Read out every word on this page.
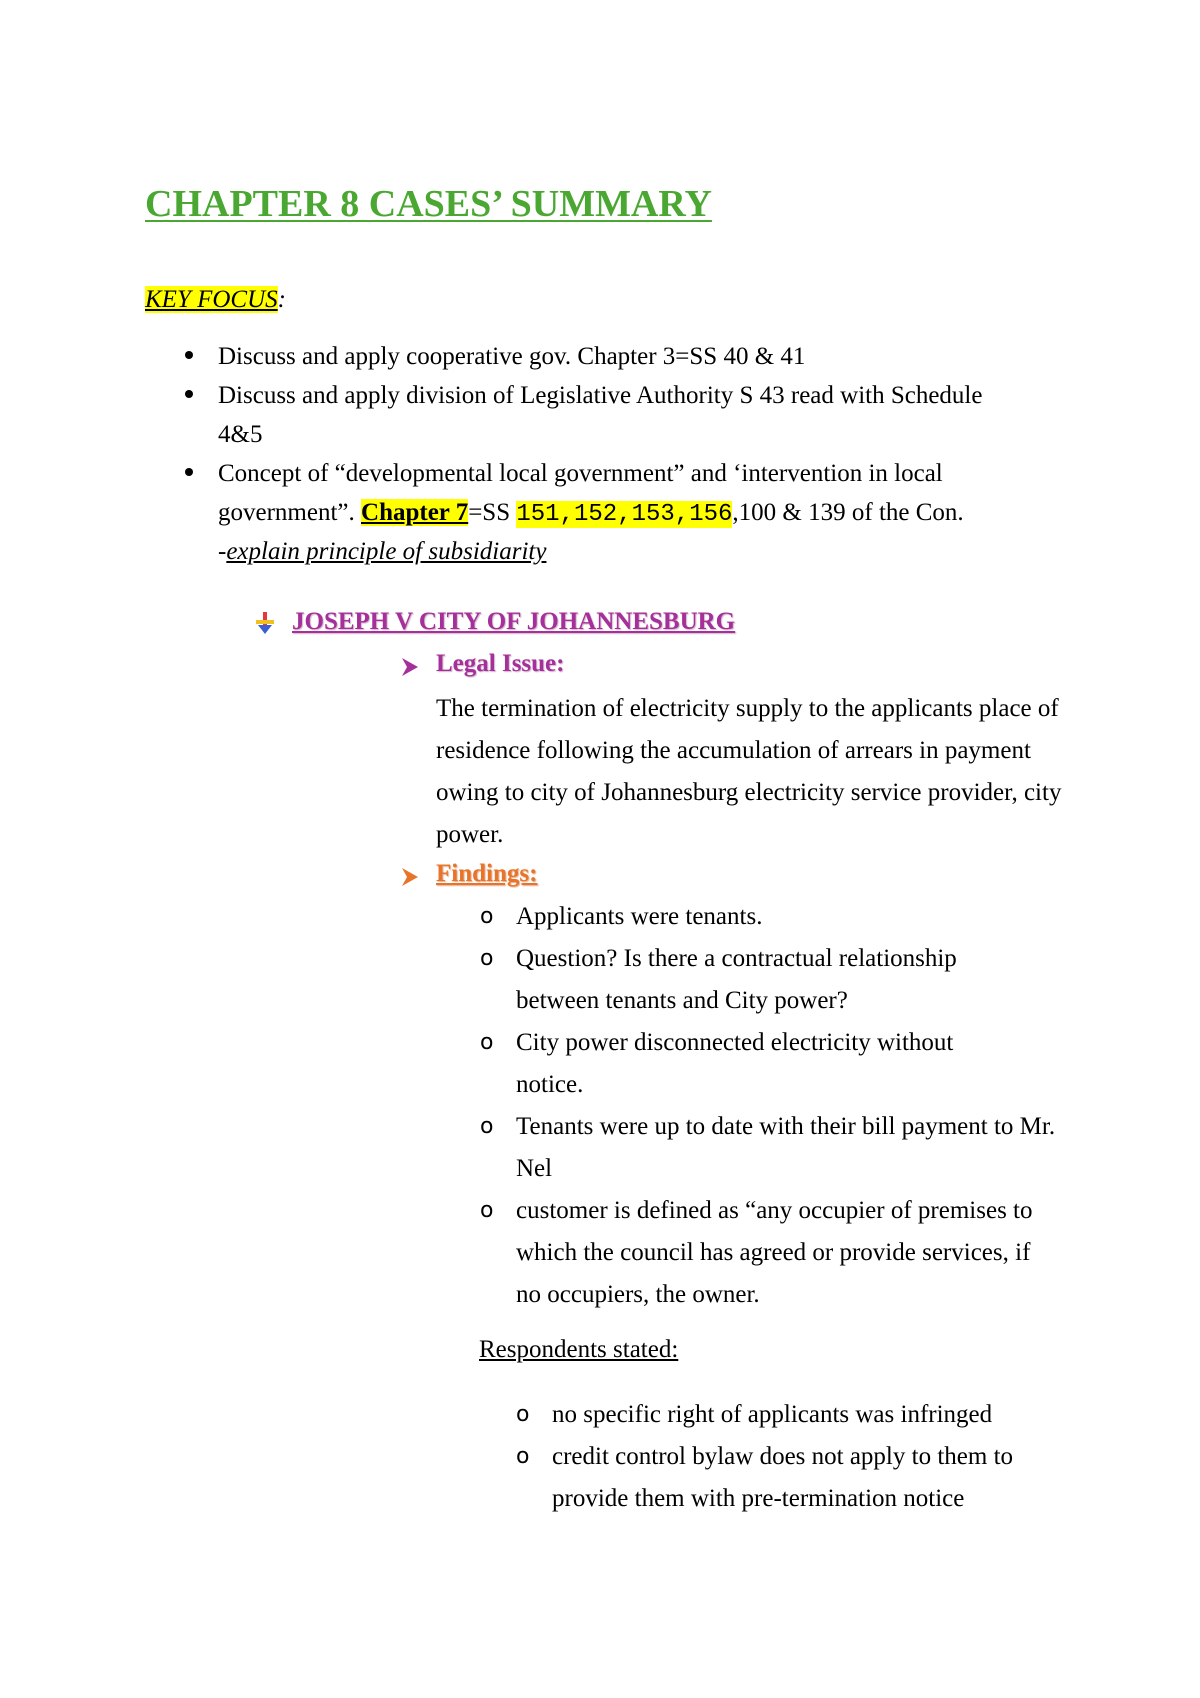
CHAPTER 8 CASES’ SUMMARY
KEY FOCUS:
Discuss and apply cooperative gov. Chapter 3=SS 40 & 41
Discuss and apply division of Legislative Authority S 43 read with Schedule 4&5
Concept of “developmental local government” and ‘intervention in local government”. Chapter 7=SS 151,152,153,156,100 & 139 of the Con.
-explain principle of subsidiarity
JOSEPH V CITY OF JOHANNESBURG
Legal Issue:
The termination of electricity supply to the applicants place of residence following the accumulation of arrears in payment owing to city of Johannesburg electricity service provider, city power.
Findings:
o Applicants were tenants.
o Question? Is there a contractual relationship between tenants and City power?
o City power disconnected electricity without notice.
o Tenants were up to date with their bill payment to Mr. Nel
o customer is defined as “any occupier of premises to which the council has agreed or provide services, if no occupiers, the owner.
Respondents stated:
o no specific right of applicants was infringed
o credit control bylaw does not apply to them to provide them with pre-termination notice
